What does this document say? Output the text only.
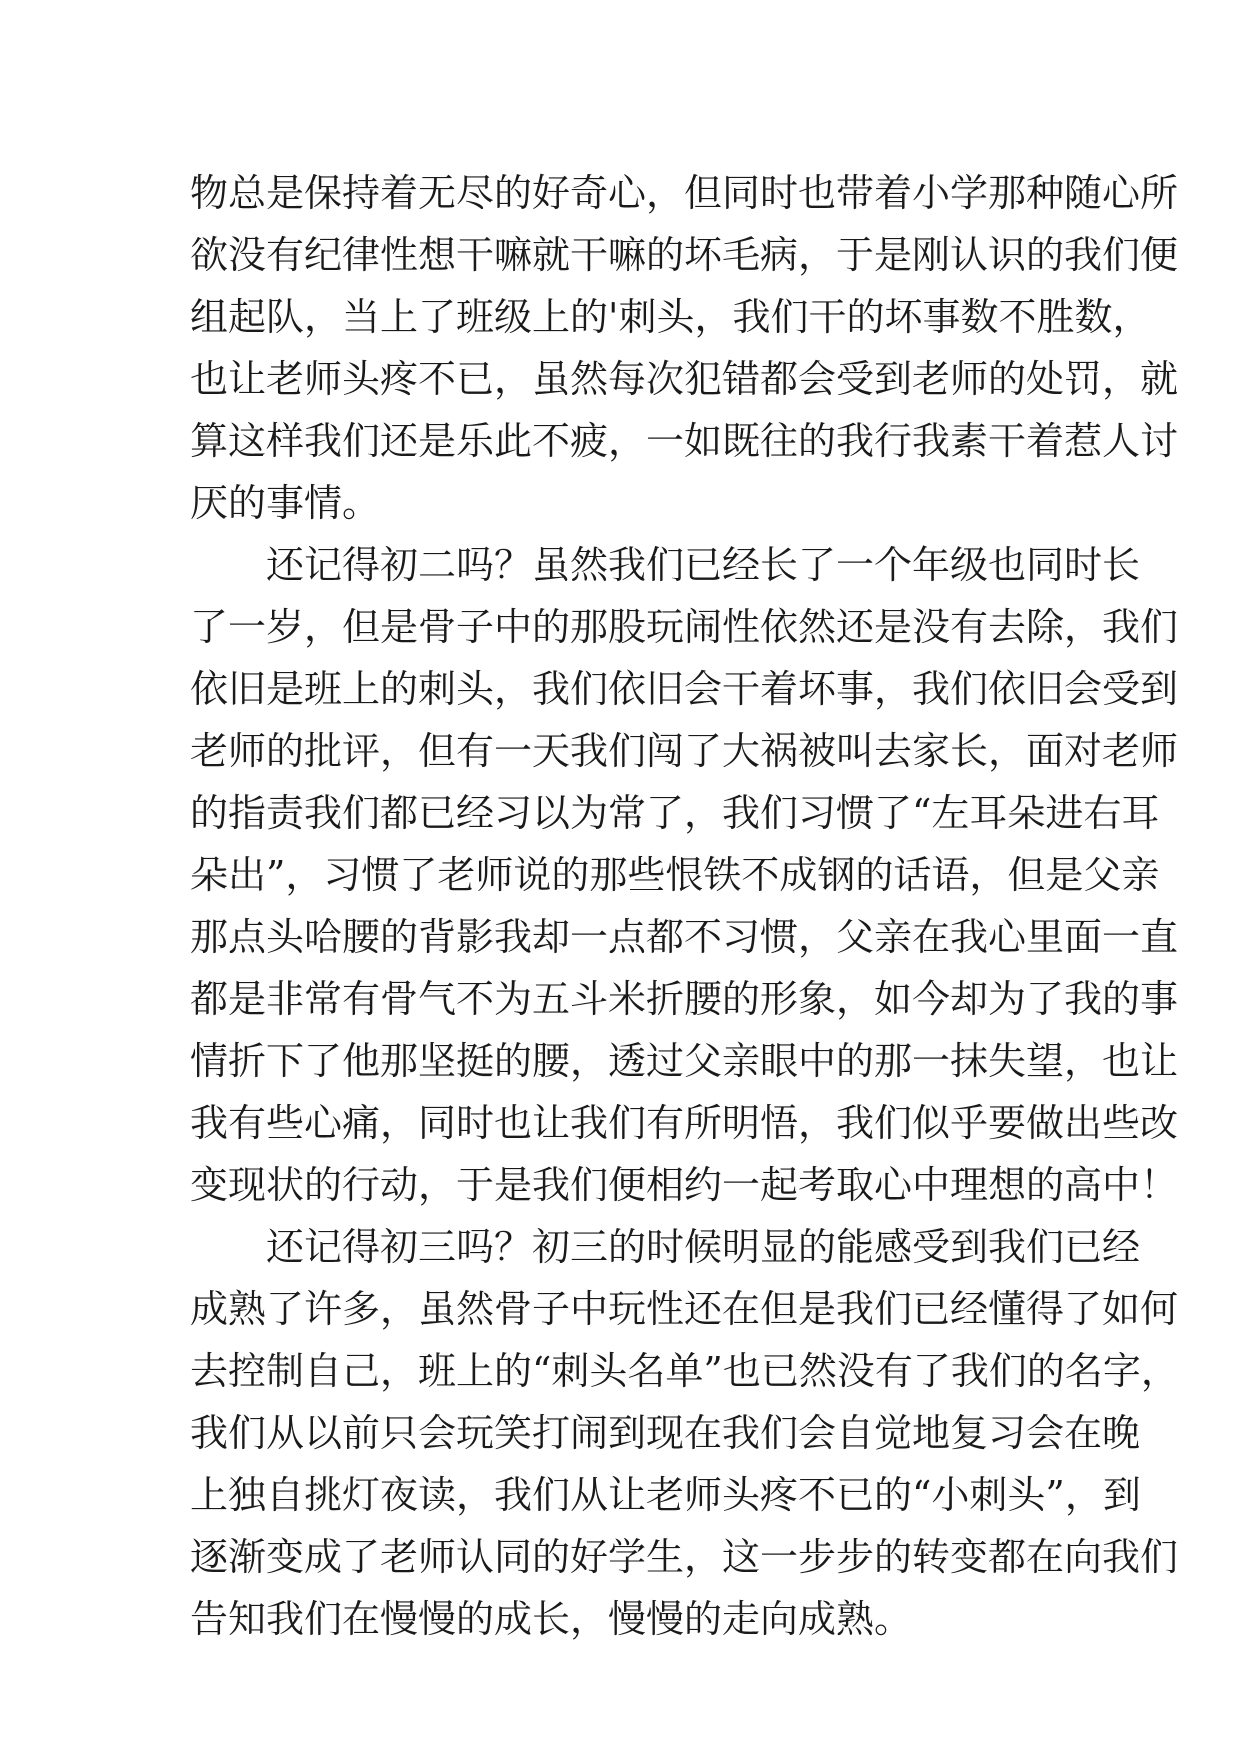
物总是保持着无尽的好奇心，但同时也带着小学那种随心所
欲没有纪律性想干嘛就干嘛的坏毛病，于是刚认识的我们便
组起队，当上了班级上的'刺头，我们干的坏事数不胜数，
也让老师头疼不已，虽然每次犯错都会受到老师的处罚，就
算这样我们还是乐此不疲，一如既往的我行我素干着惹人讨
厌的事情。
还记得初二吗？虽然我们已经长了一个年级也同时长
了一岁，但是骨子中的那股玩闹性依然还是没有去除，我们
依旧是班上的刺头，我们依旧会干着坏事，我们依旧会受到
老师的批评，但有一天我们闯了大祸被叫去家长，面对老师
的指责我们都已经习以为常了，我们习惯了“左耳朵进右耳
朵出”，习惯了老师说的那些恨铁不成钢的话语，但是父亲
那点头哈腰的背影我却一点都不习惯，父亲在我心里面一直
都是非常有骨气不为五斗米折腰的形象，如今却为了我的事
情折下了他那坚挺的腰，透过父亲眼中的那一抹失望，也让
我有些心痛，同时也让我们有所明悟，我们似乎要做出些改
变现状的行动，于是我们便相约一起考取心中理想的高中！
还记得初三吗？初三的时候明显的能感受到我们已经
成熟了许多，虽然骨子中玩性还在但是我们已经懂得了如何
去控制自己，班上的“刺头名单”也已然没有了我们的名字，
我们从以前只会玩笑打闹到现在我们会自觉地复习会在晚
上独自挑灯夜读，我们从让老师头疼不已的“小刺头”，到
逐渐变成了老师认同的好学生，这一步步的转变都在向我们
告知我们在慢慢的成长，慢慢的走向成熟。
